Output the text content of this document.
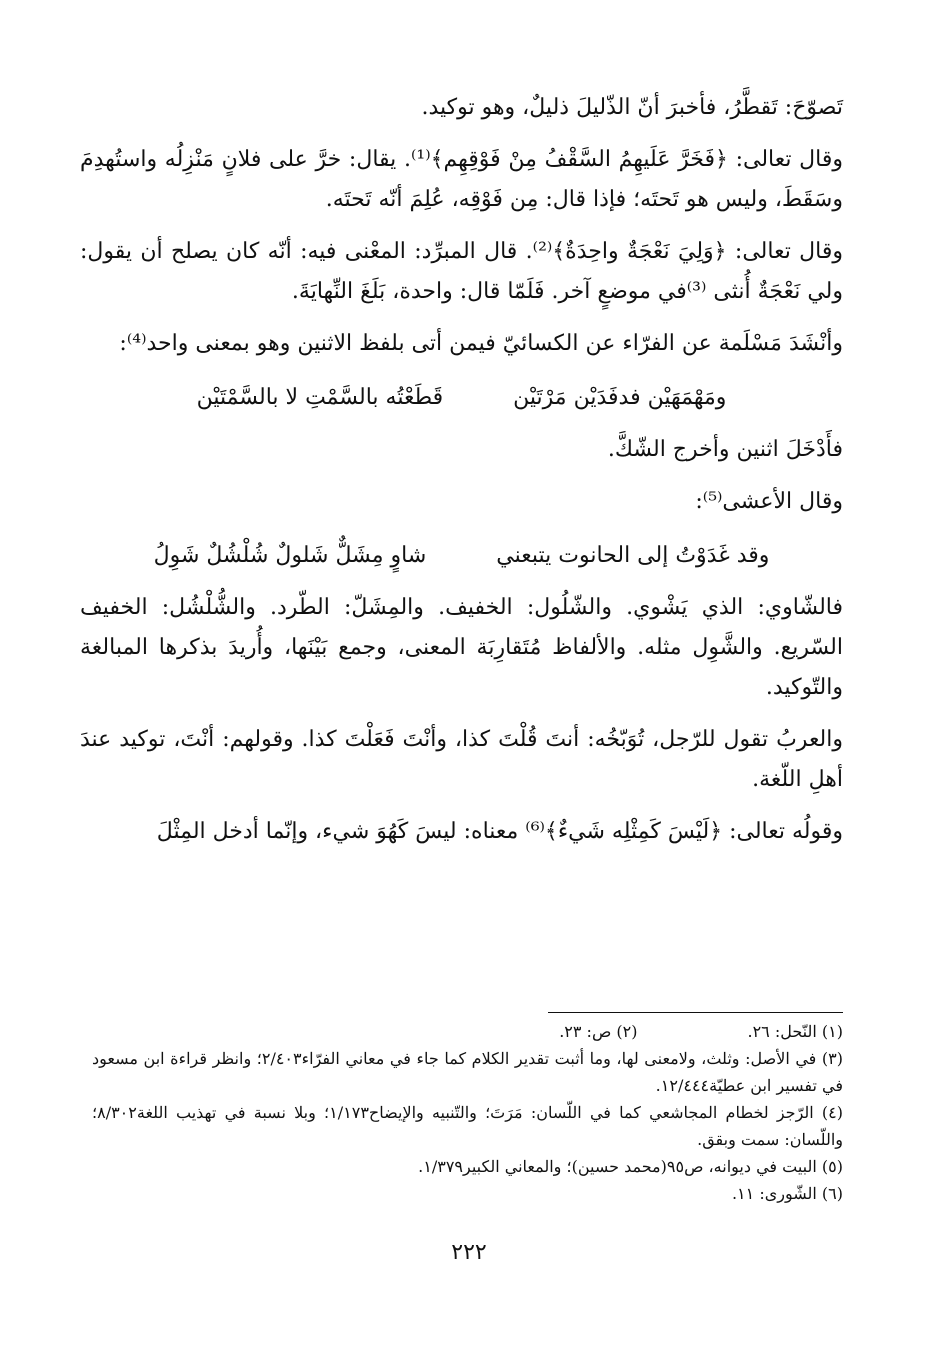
تَصوّحَ: تَقطَّرُ، فأخبرَ أنّ الذّليلَ ذليلٌ، وهو توكيد.

وقال تعالى: ﴿فَخَرَّ عَلَيهِمُ السَّقْفُ مِنْ فَوْقِهِم﴾⁽¹⁾. يقال: خرَّ على فلانٍ مَنْزِلُه واستُهدِمَ وسَقَطَ، وليس هو تَحتَه؛ فإذا قال: مِن فَوْقِه، عُلِمَ أنّه تَحتَه.

وقال تعالى: ﴿وَلِيَ نَعْجَةٌ واحِدَةٌ﴾⁽²⁾. قال المبرِّد: المعْنى فيه: أنّه كان يصلح أن يقول: ولي نَعْجَةٌ أُنثى ⁽³⁾في موضعٍ آخر. فَلَمّا قال: واحدة، بَلَغَ النِّهايَةَ.

وأنْشَدَ مَسْلَمة عن الفرّاء عن الكسائيّ فيمن أتى بلفظ الاثنين وهو بمعنى واحد⁽⁴⁾:

ومَهْمَهَيْن فدفَدَيْن مَرْتَيْن
قَطَعْتُه بالسَّمْتِ لا بالسَّمْتَيْن

فأَدْخَلَ اثنين وأخرج الشّكَّ.

وقال الأعشى⁽⁵⁾:

وقد غَدَوْتُ إلى الحانوت يتبعني
شاوٍ مِشَلٌّ شَلولٌ شُلْشُلٌ شَوِلُ

فالشّاوي: الذي يَشْوي. والشّلُول: الخفيف. والمِشَلّ: الطّرد. والشُّلْشُل: الخفيف السّريع. والشَّوِل مثله. والألفاظ مُتَقارِبَة المعنى، وجمع بَيْنَها، وأُريدَ بذكرها المبالغة والتّوكيد.

والعربُ تقول للرّجل، تُوَبّخُه: أنتَ قُلْتَ كذا، وأنْتَ فَعَلْتَ كذا. وقولهم: أنْتَ، توكيد عندَ أهلِ اللّغة.

وقولُه تعالى: ﴿لَيْسَ كَمِثْلِه شَيءٌ﴾⁽⁶⁾ معناه: ليسَ كَهُوَ شيء، وإنّما أدخل المِثْلَ

(١) النّحل: ٢٦.

(٢) ص: ٢٣.

(٣) في الأصل: وثلث، ولامعنى لها، وما أثبت تقدير الكلام كما جاء في معاني الفرّاء٢/٤٠٣؛ وانظر قراءة ابن مسعود في تفسير ابن عطيّة١٢/٤٤٤.

(٤) الرّجز لخطام المجاشعي كما في اللّسان: مَرَتَ؛ والتّنبيه والإيضاح١/١٧٣؛ وبلا نسبة في تهذيب اللغة٨/٣٠٢؛ واللّسان: سمت وبقق.

(٥) البيت في ديوانه، ص٩٥(محمد حسين)؛ والمعاني الكبير١/٣٧٩.

(٦) الشّورى: ١١.

٢٢٢
